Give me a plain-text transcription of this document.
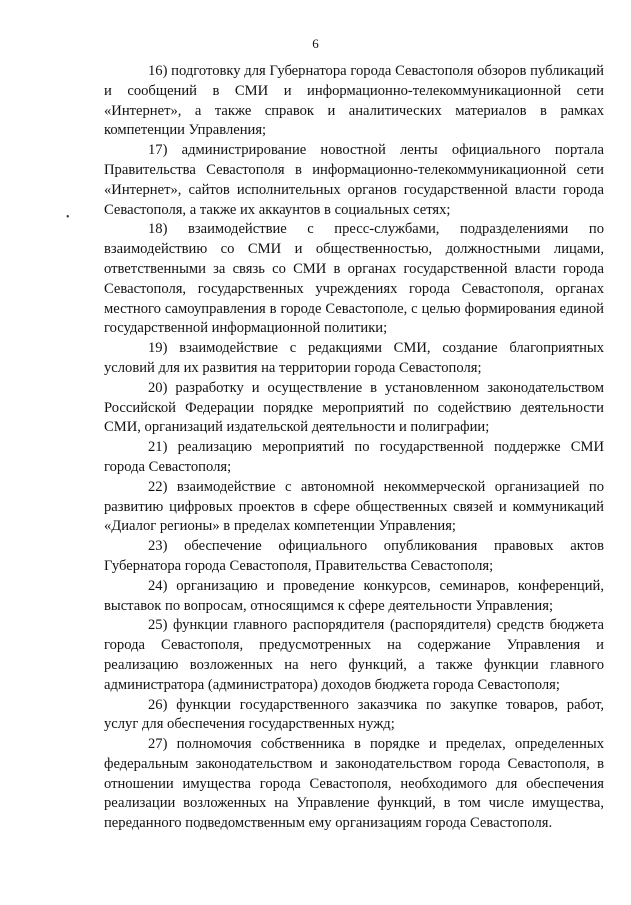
6
•

16) подготовку для Губернатора города Севастополя обзоров публикаций и сообщений в СМИ и информационно-телекоммуникационной сети «Интернет», а также справок и аналитических материалов в рамках компетенции Управления;

17) администрирование новостной ленты официального портала Правительства Севастополя в информационно-телекоммуникационной сети «Интернет», сайтов исполнительных органов государственной власти города Севастополя, а также их аккаунтов в социальных сетях;

18) взаимодействие с пресс-службами, подразделениями по взаимодействию со СМИ и общественностью, должностными лицами, ответственными за связь со СМИ в органах государственной власти города Севастополя, государственных учреждениях города Севастополя, органах местного самоуправления в городе Севастополе, с целью формирования единой государственной информационной политики;

19) взаимодействие с редакциями СМИ, создание благоприятных условий для их развития на территории города Севастополя;

20) разработку и осуществление в установленном законодательством Российской Федерации порядке мероприятий по содействию деятельности СМИ, организаций издательской деятельности и полиграфии;

21) реализацию мероприятий по государственной поддержке СМИ города Севастополя;

22) взаимодействие с автономной некоммерческой организацией по развитию цифровых проектов в сфере общественных связей и коммуникаций «Диалог регионы» в пределах компетенции Управления;

23) обеспечение официального опубликования правовых актов Губернатора города Севастополя, Правительства Севастополя;

24) организацию и проведение конкурсов, семинаров, конференций, выставок по вопросам, относящимся к сфере деятельности Управления;

25) функции главного распорядителя (распорядителя) средств бюджета города Севастополя, предусмотренных на содержание Управления и реализацию возложенных на него функций, а также функции главного администратора (администратора) доходов бюджета города Севастополя;

26) функции государственного заказчика по закупке товаров, работ, услуг для обеспечения государственных нужд;

27) полномочия собственника в порядке и пределах, определенных федеральным законодательством и законодательством города Севастополя, в отношении имущества города Севастополя, необходимого для обеспечения реализации возложенных на Управление функций, в том числе имущества, переданного подведомственным ему организациям города Севастополя.
